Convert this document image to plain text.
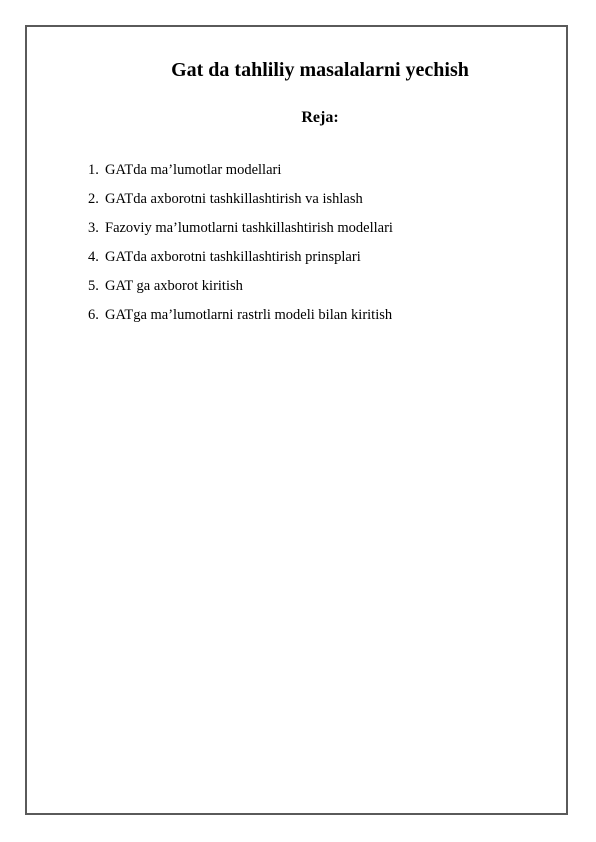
Gat da tahliliy masalalarni yechish
Reja:
1. GATda ma’lumotlar modellari
2. GATda axborotni tashkillashtirish va ishlash
3. Fazoviy ma’lumotlarni tashkillashtirish modellari
4. GATda axborotni tashkillashtirish prinsplari
5. GAT ga axborot kiritish
6. GATga ma’lumotlarni rastrli modeli bilan kiritish
